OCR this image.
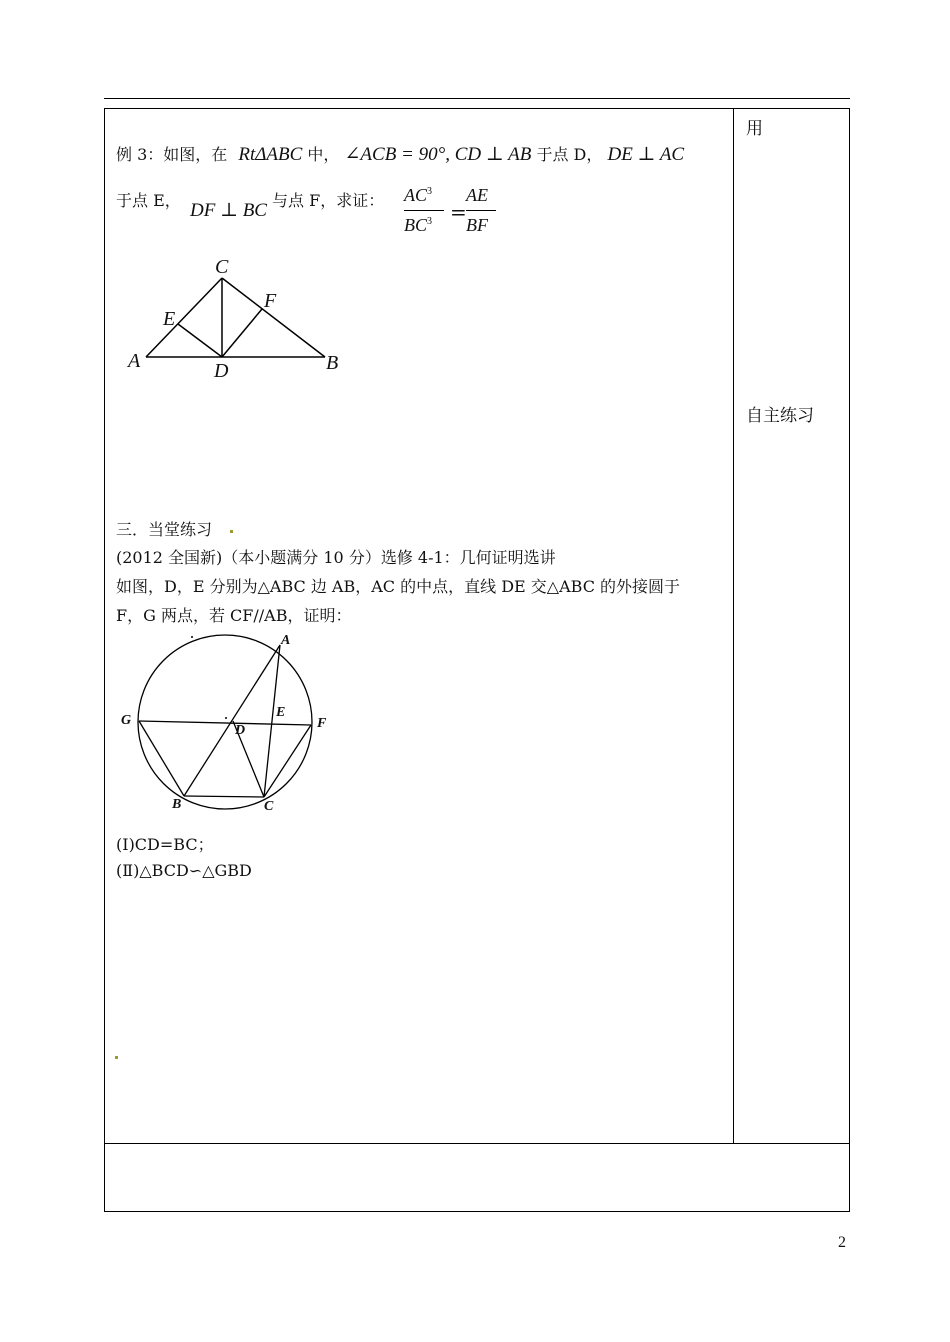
用
自主练习
例 3：如图，在 RtΔABC 中， ∠ACB = 90°, CD ⊥ AB 于点 D， DE ⊥ AC
于点 E， DF ⊥ BC 与点 F，求证： $AC^3$
$BC^3$ =
AE
BF
C
E
F
A	D	B
三．当堂练习
(2012 全国新)（本小题满分 10 分）选修 4-1：几何证明选讲
如图，D，E 分别为△ABC 边 AB，AC 的中点，直线 DE 交△ABC 的外接圆于
F，G 两点，若 CF//AB，证明：
A
G
E
F
D
B	C
(Ⅰ)CD=BC；
(Ⅱ)△BCD∽△GBD
2
